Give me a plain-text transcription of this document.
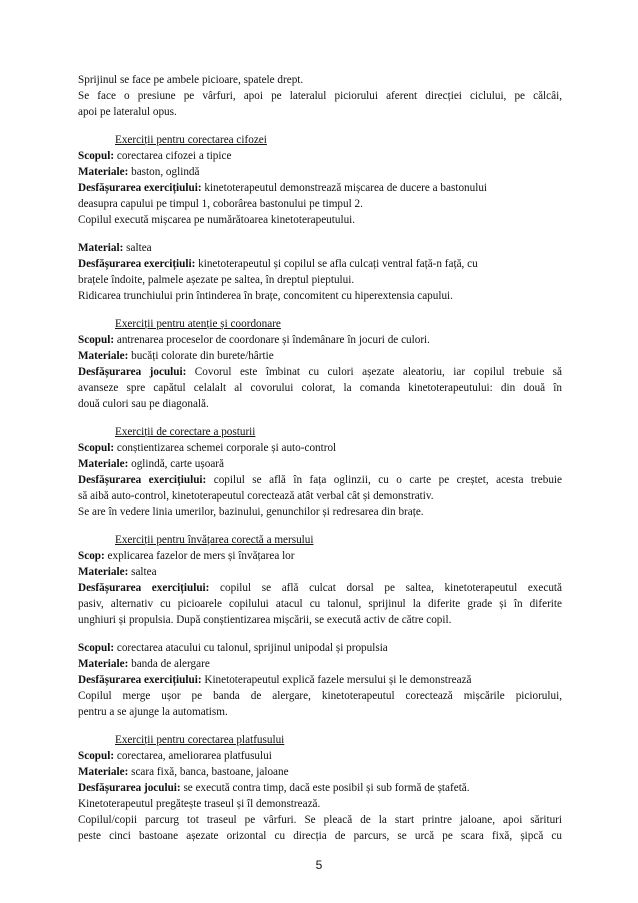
Sprijinul se face pe ambele picioare, spatele drept.
Se face o presiune pe vârfuri, apoi pe lateralul piciorului aferent direcției ciclului, pe călcâi,
apoi pe lateralul opus.
Exerciții pentru corectarea cifozei
Scopul: corectarea cifozei a tipice
Materiale: baston, oglindă
Desfășurarea exercițiului: kinetoterapeutul demonstrează mișcarea de ducere a bastonului
deasupra capului pe timpul 1, coborârea bastonului pe timpul 2.
Copilul execută mișcarea pe numărătoarea kinetoterapeutului.
Material: saltea
Desfășurarea exercițiuli: kinetoterapeutul și copilul se afla culcați ventral față-n față, cu
brațele îndoite, palmele așezate pe saltea, în dreptul pieptului.
Ridicarea trunchiului prin întinderea în brațe, concomitent cu hiperextensia capului.
Exerciții pentru atenție și coordonare
Scopul: antrenarea proceselor de coordonare și îndemânare în jocuri de culori.
Materiale: bucăți colorate din burete/hârtie
Desfășurarea jocului: Covorul este îmbinat cu culori așezate aleatoriu, iar copilul trebuie să
avanseze spre capătul celalalt al covorului colorat, la comanda kinetoterapeutului: din două în
două culori sau pe diagonală.
Exerciții de corectare a posturii
Scopul: conștientizarea schemei corporale și auto-control
Materiale: oglindă, carte ușoară
Desfășurarea exercițiului: copilul se află în fața oglinzii, cu o carte pe creștet, acesta trebuie
să aibă auto-control, kinetoterapeutul corectează atât verbal cât și demonstrativ.
Se are în vedere linia umerilor, bazinului, genunchilor și redresarea din brațe.
Exerciții pentru învățarea corectă a mersului
Scop: explicarea fazelor de mers și învățarea lor
Materiale: saltea
Desfășurarea exercițiului: copilul se află culcat dorsal pe saltea, kinetoterapeutul execută
pasiv, alternativ cu picioarele copilului atacul cu talonul, sprijinul la diferite grade și în diferite
unghiuri și propulsia. După conștientizarea mișcării, se execută activ de către copil.
Scopul: corectarea atacului cu talonul, sprijinul unipodal și propulsia
Materiale: banda de alergare
Desfășurarea exercițiului: Kinetoterapeutul explică fazele mersului și le demonstrează
Copilul merge ușor pe banda de alergare, kinetoterapeutul corectează mișcările piciorului,
pentru a se ajunge la automatism.
Exerciții pentru corectarea platfusului
Scopul: corectarea, ameliorarea platfusului
Materiale: scara fixă, banca, bastoane, jaloane
Desfășurarea jocului: se execută contra timp, dacă este posibil și sub formă de ștafetă.
Kinetoterapeutul pregătește traseul și îl demonstrează.
Copilul/copii parcurg tot traseul pe vârfuri. Se pleacă de la start printre jaloane, apoi sărituri
peste cinci bastoane așezate orizontal cu direcția de parcurs, se urcă pe scara fixă, șipcă cu
5
